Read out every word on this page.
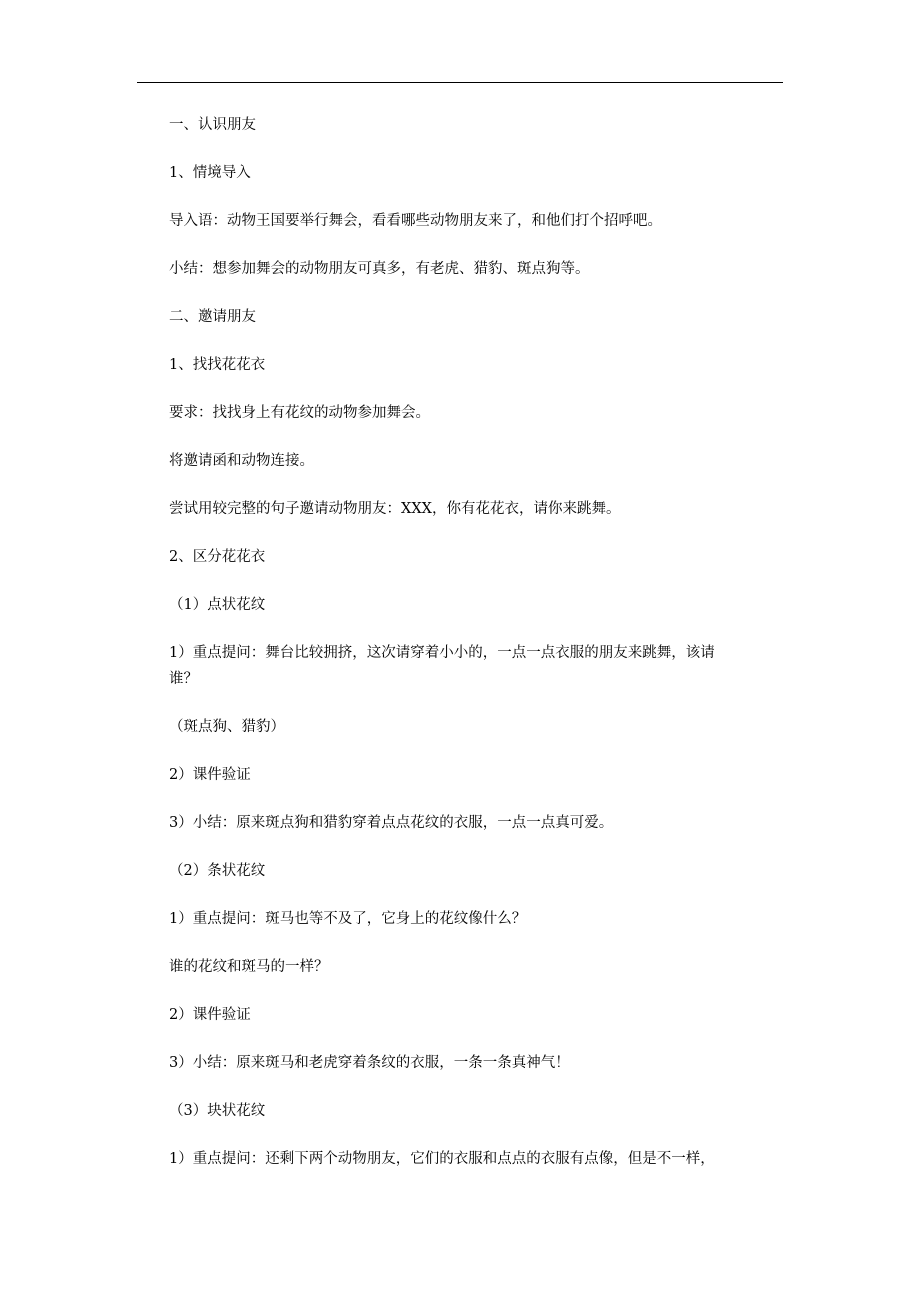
一、认识朋友

1、情境导入

导入语：动物王国要举行舞会，看看哪些动物朋友来了，和他们打个招呼吧。

小结：想参加舞会的动物朋友可真多，有老虎、猎豹、斑点狗等。

二、邀请朋友

1、找找花花衣

要求：找找身上有花纹的动物参加舞会。

将邀请函和动物连接。

尝试用较完整的句子邀请动物朋友：XXX，你有花花衣，请你来跳舞。

2、区分花花衣

（1）点状花纹

1）重点提问：舞台比较拥挤，这次请穿着小小的，一点一点衣服的朋友来跳舞，该请

谁？

（斑点狗、猎豹）

2）课件验证

3）小结：原来斑点狗和猎豹穿着点点花纹的衣服，一点一点真可爱。

（2）条状花纹

1）重点提问：斑马也等不及了，它身上的花纹像什么？

谁的花纹和斑马的一样？

2）课件验证

3）小结：原来斑马和老虎穿着条纹的衣服，一条一条真神气！

（3）块状花纹

1）重点提问：还剩下两个动物朋友，它们的衣服和点点的衣服有点像，但是不一样，
